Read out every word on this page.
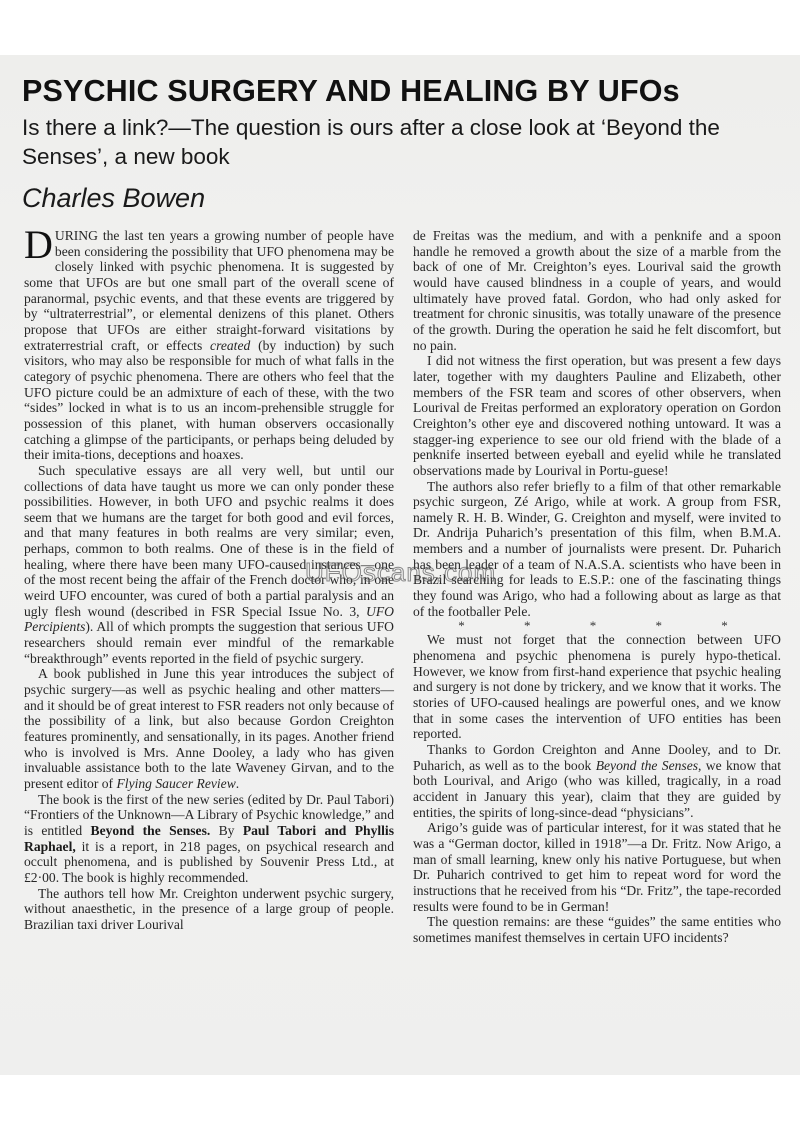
PSYCHIC SURGERY AND HEALING BY UFOs

Is there a link?—The question is ours after a close look at ‘Beyond the Senses’, a new book

Charles Bowen

DURING the last ten years a growing number of people have been considering the possibility that UFO phenomena may be closely linked with psychic phenomena. It is suggested by some that UFOs are but one small part of the overall scene of paranormal, psychic events, and that these events are triggered by by “ultraterrestrial”, or elemental denizens of this planet. Others propose that UFOs are either straight-forward visitations by extraterrestrial craft, or effects created (by induction) by such visitors, who may also be responsible for much of what falls in the category of psychic phenomena. There are others who feel that the UFO picture could be an admixture of each of these, with the two “sides” locked in what is to us an incom-prehensible struggle for possession of this planet, with human observers occasionally catching a glimpse of the participants, or perhaps being deluded by their imita-tions, deceptions and hoaxes.

Such speculative essays are all very well, but until our collections of data have taught us more we can only ponder these possibilities. However, in both UFO and psychic realms it does seem that we humans are the target for both good and evil forces, and that many features in both realms are very similar; even, perhaps, common to both realms. One of these is in the field of healing, where there have been many UFO-caused instances—one of the most recent being the affair of the French doctor who, in one weird UFO encounter, was cured of both a partial paralysis and an ugly flesh wound (described in FSR Special Issue No. 3, UFO Percipients). All of which prompts the suggestion that serious UFO researchers should remain ever mindful of the remarkable “breakthrough” events reported in the field of psychic surgery.

A book published in June this year introduces the subject of psychic surgery—as well as psychic healing and other matters—and it should be of great interest to FSR readers not only because of the possibility of a link, but also because Gordon Creighton features prominently, and sensationally, in its pages. Another friend who is involved is Mrs. Anne Dooley, a lady who has given invaluable assistance both to the late Waveney Girvan, and to the present editor of Flying Saucer Review.

The book is the first of the new series (edited by Dr. Paul Tabori) “Frontiers of the Unknown—A Library of Psychic knowledge,” and is entitled Beyond the Senses. By Paul Tabori and Phyllis Raphael, it is a report, in 218 pages, on psychical research and occult phenomena, and is published by Souvenir Press Ltd., at £2·00. The book is highly recommended.

The authors tell how Mr. Creighton underwent psychic surgery, without anaesthetic, in the presence of a large group of people. Brazilian taxi driver Lourival

de Freitas was the medium, and with a penknife and a spoon handle he removed a growth about the size of a marble from the back of one of Mr. Creighton’s eyes. Lourival said the growth would have caused blindness in a couple of years, and would ultimately have proved fatal. Gordon, who had only asked for treatment for chronic sinusitis, was totally unaware of the presence of the growth. During the operation he said he felt discomfort, but no pain.

I did not witness the first operation, but was present a few days later, together with my daughters Pauline and Elizabeth, other members of the FSR team and scores of other observers, when Lourival de Freitas performed an exploratory operation on Gordon Creighton’s other eye and discovered nothing untoward. It was a stagger-ing experience to see our old friend with the blade of a penknife inserted between eyeball and eyelid while he translated observations made by Lourival in Portu-guese!

The authors also refer briefly to a film of that other remarkable psychic surgeon, Zé Arigo, while at work. A group from FSR, namely R. H. B. Winder, G. Creighton and myself, were invited to Dr. Andrija Puharich’s presentation of this film, when B.M.A. members and a number of journalists were present. Dr. Puharich has been leader of a team of N.A.S.A. scientists who have been in Brazil searching for leads to E.S.P.: one of the fascinating things they found was Arigo, who had a following about as large as that of the footballer Pele.

* * * * *

We must not forget that the connection between UFO phenomena and psychic phenomena is purely hypo-thetical. However, we know from first-hand experience that psychic healing and surgery is not done by trickery, and we know that it works. The stories of UFO-caused healings are powerful ones, and we know that in some cases the intervention of UFO entities has been reported.

Thanks to Gordon Creighton and Anne Dooley, and to Dr. Puharich, as well as to the book Beyond the Senses, we know that both Lourival, and Arigo (who was killed, tragically, in a road accident in January this year), claim that they are guided by entities, the spirits of long-since-dead “physicians”.

Arigo’s guide was of particular interest, for it was stated that he was a “German doctor, killed in 1918”—a Dr. Fritz. Now Arigo, a man of small learning, knew only his native Portuguese, but when Dr. Puharich contrived to get him to repeat word for word the instructions that he received from his “Dr. Fritz”, the tape-recorded results were found to be in German!

The question remains: are these “guides” the same entities who sometimes manifest themselves in certain UFO incidents?
